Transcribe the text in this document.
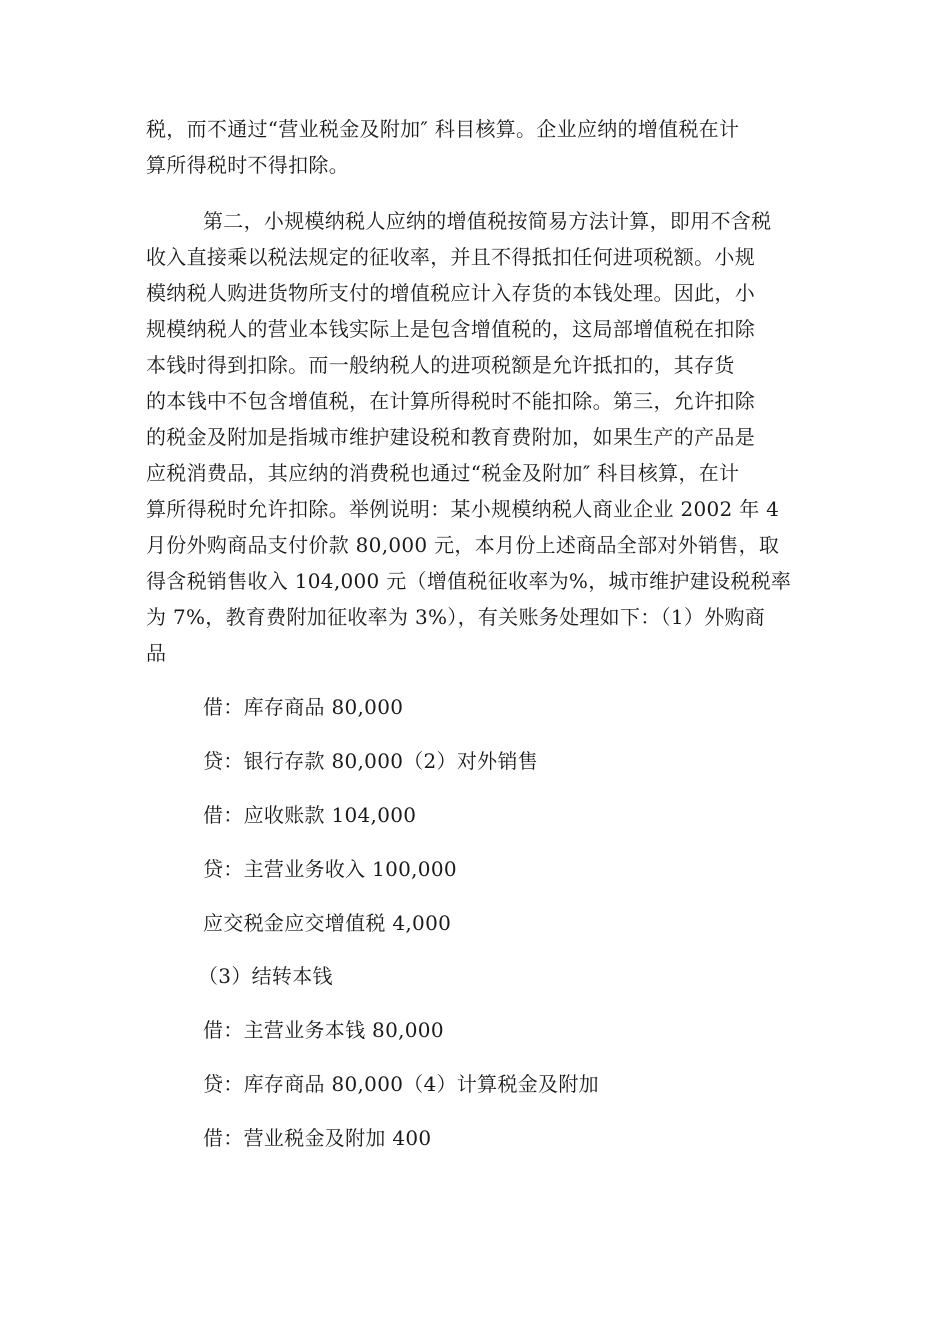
税，而不通过“营业税金及附加″ 科目核算。企业应纳的增值税在计
算所得税时不得扣除。
第二，小规模纳税人应纳的增值税按简易方法计算，即用不含税
收入直接乘以税法规定的征收率，并且不得抵扣任何进项税额。小规
模纳税人购进货物所支付的增值税应计入存货的本钱处理。因此，小
规模纳税人的营业本钱实际上是包含增值税的，这局部增值税在扣除
本钱时得到扣除。而一般纳税人的进项税额是允许抵扣的，其存货
的本钱中不包含增值税，在计算所得税时不能扣除。第三，允许扣除
的税金及附加是指城市维护建设税和教育费附加，如果生产的产品是
应税消费品，其应纳的消费税也通过“税金及附加″ 科目核算，在计
算所得税时允许扣除。举例说明：某小规模纳税人商业企业 2002 年 4
月份外购商品支付价款 80,000 元，本月份上述商品全部对外销售，取
得含税销售收入 104,000 元（增值税征收率为%，城市维护建设税税率
为 7%，教育费附加征收率为 3%），有关账务处理如下：（1）外购商
品
借：库存商品 80,000
贷：银行存款 80,000（2）对外销售
借：应收账款 104,000
贷：主营业务收入 100,000
应交税金应交增值税 4,000
（3）结转本钱
借：主营业务本钱 80,000
贷：库存商品 80,000（4）计算税金及附加
借：营业税金及附加 400
